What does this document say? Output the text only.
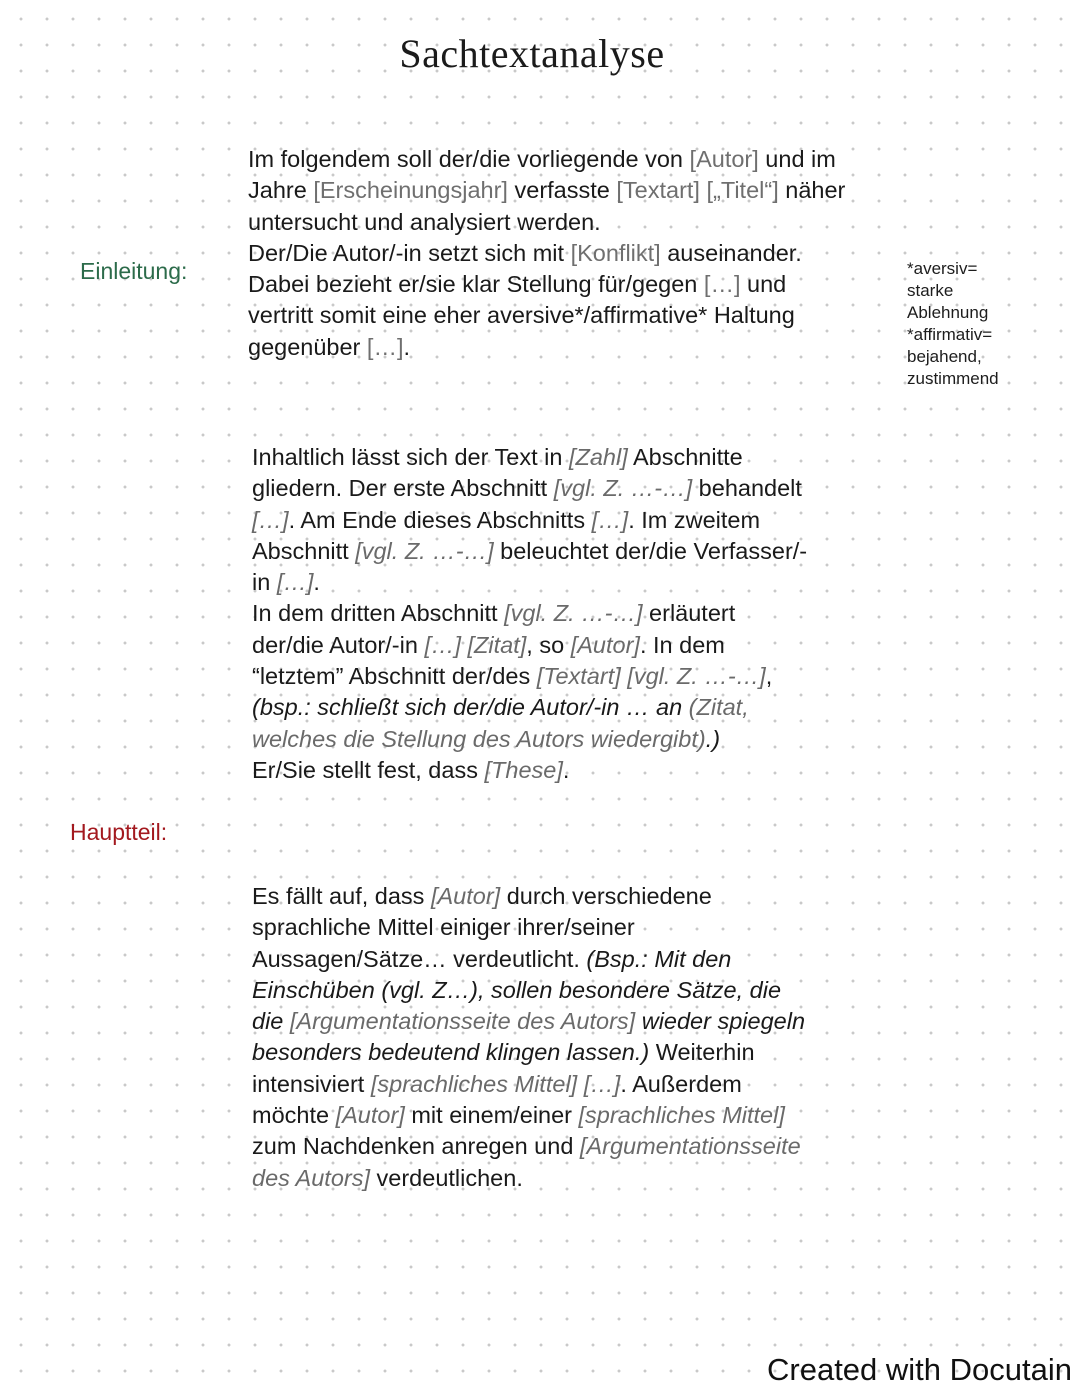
Sachtextanalyse
Einleitung:
Hauptteil:

Im folgendem soll der/die vorliegende von [Autor] und im Jahre [Erscheinungsjahr] verfasste [Textart] [„Titel“] näher untersucht und analysiert werden.
Der/Die Autor/-in setzt sich mit [Konflikt] auseinander. Dabei bezieht er/sie klar Stellung für/gegen […] und vertritt somit eine eher aversive*/affirmative* Haltung gegenüber […].

*aversiv=
starke
Ablehnung
*affirmativ=
bejahend,
zustimmend

Inhaltlich lässt sich der Text in [Zahl] Abschnitte gliedern. Der erste Abschnitt [vgl. Z. …-…] behandelt […]. Am Ende dieses Abschnitts […]. Im zweitem Abschnitt [vgl. Z. …-…] beleuchtet der/die Verfasser/-in […].
In dem dritten Abschnitt [vgl. Z. …-…] erläutert der/die Autor/-in […] [Zitat], so [Autor]. In dem “letztem” Abschnitt der/des [Textart] [vgl. Z. …-…], (bsp.: schließt sich der/die Autor/-in … an (Zitat, welches die Stellung des Autors wiedergibt).)
Er/Sie stellt fest, dass [These].

Es fällt auf, dass [Autor] durch verschiedene sprachliche Mittel einiger ihrer/seiner Aussagen/Sätze… verdeutlicht. (Bsp.: Mit den Einschüben (vgl. Z…), sollen besondere Sätze, die die [Argumentationsseite des Autors] wieder spiegeln besonders bedeutend klingen lassen.) Weiterhin intensiviert [sprachliches Mittel] […]. Außerdem möchte [Autor] mit einem/einer [sprachliches Mittel] zum Nachdenken anregen und [Argumentationsseite des Autors] verdeutlichen.

Created with Docutain
